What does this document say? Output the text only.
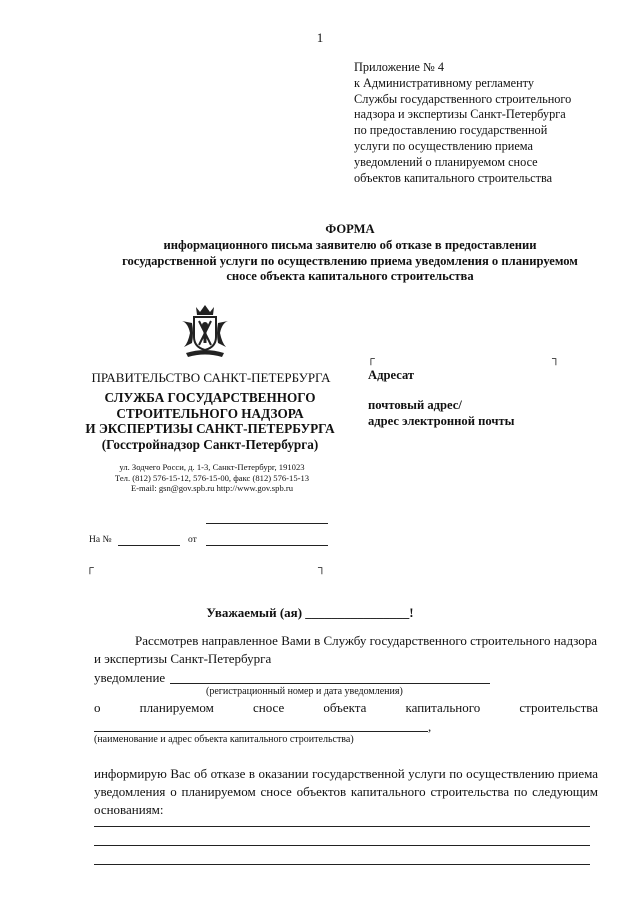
1
Приложение № 4
к Административному регламенту
Службы государственного строительного
надзора и экспертизы Санкт-Петербурга
по предоставлению государственной
услуги по осуществлению приема
уведомлений о планируемом сносе
объектов капитального строительства
ФОРМА
информационного письма заявителю об отказе в предоставлении
государственной услуги по осуществлению приема уведомления о планируемом
сносе объекта капитального строительства
┌	┐
ПРАВИТЕЛЬСТВО САНКТ-ПЕТЕРБУРГА
СЛУЖБА ГОСУДАРСТВЕННОГО
СТРОИТЕЛЬНОГО НАДЗОРА
И ЭКСПЕРТИЗЫ САНКТ-ПЕТЕРБУРГА
(Госстройнадзор Санкт-Петербурга)
ул. Зодчего Росси, д. 1-3, Санкт-Петербург, 191023
Тел. (812) 576-15-12, 576-15-00, факс (812) 576-15-13
E-mail: gsn@gov.spb.ru http://www.gov.spb.ru
Адресат
почтовый адрес/
адрес электронной почты
На №	от
┌	┐
Уважаемый (ая) ________________!
Рассмотрев направленное Вами в Службу государственного строительного надзора
и экспертизы Санкт-Петербурга
уведомление
(регистрационный номер и дата уведомления)
о	планируемом	сносе	объекта	капитального	строительства
,
(наименование и адрес объекта капитального строительства)
информирую Вас об отказе в оказании государственной услуги по осуществлению приема
уведомления о планируемом сносе объектов капитального строительства по следующим
основаниям:
